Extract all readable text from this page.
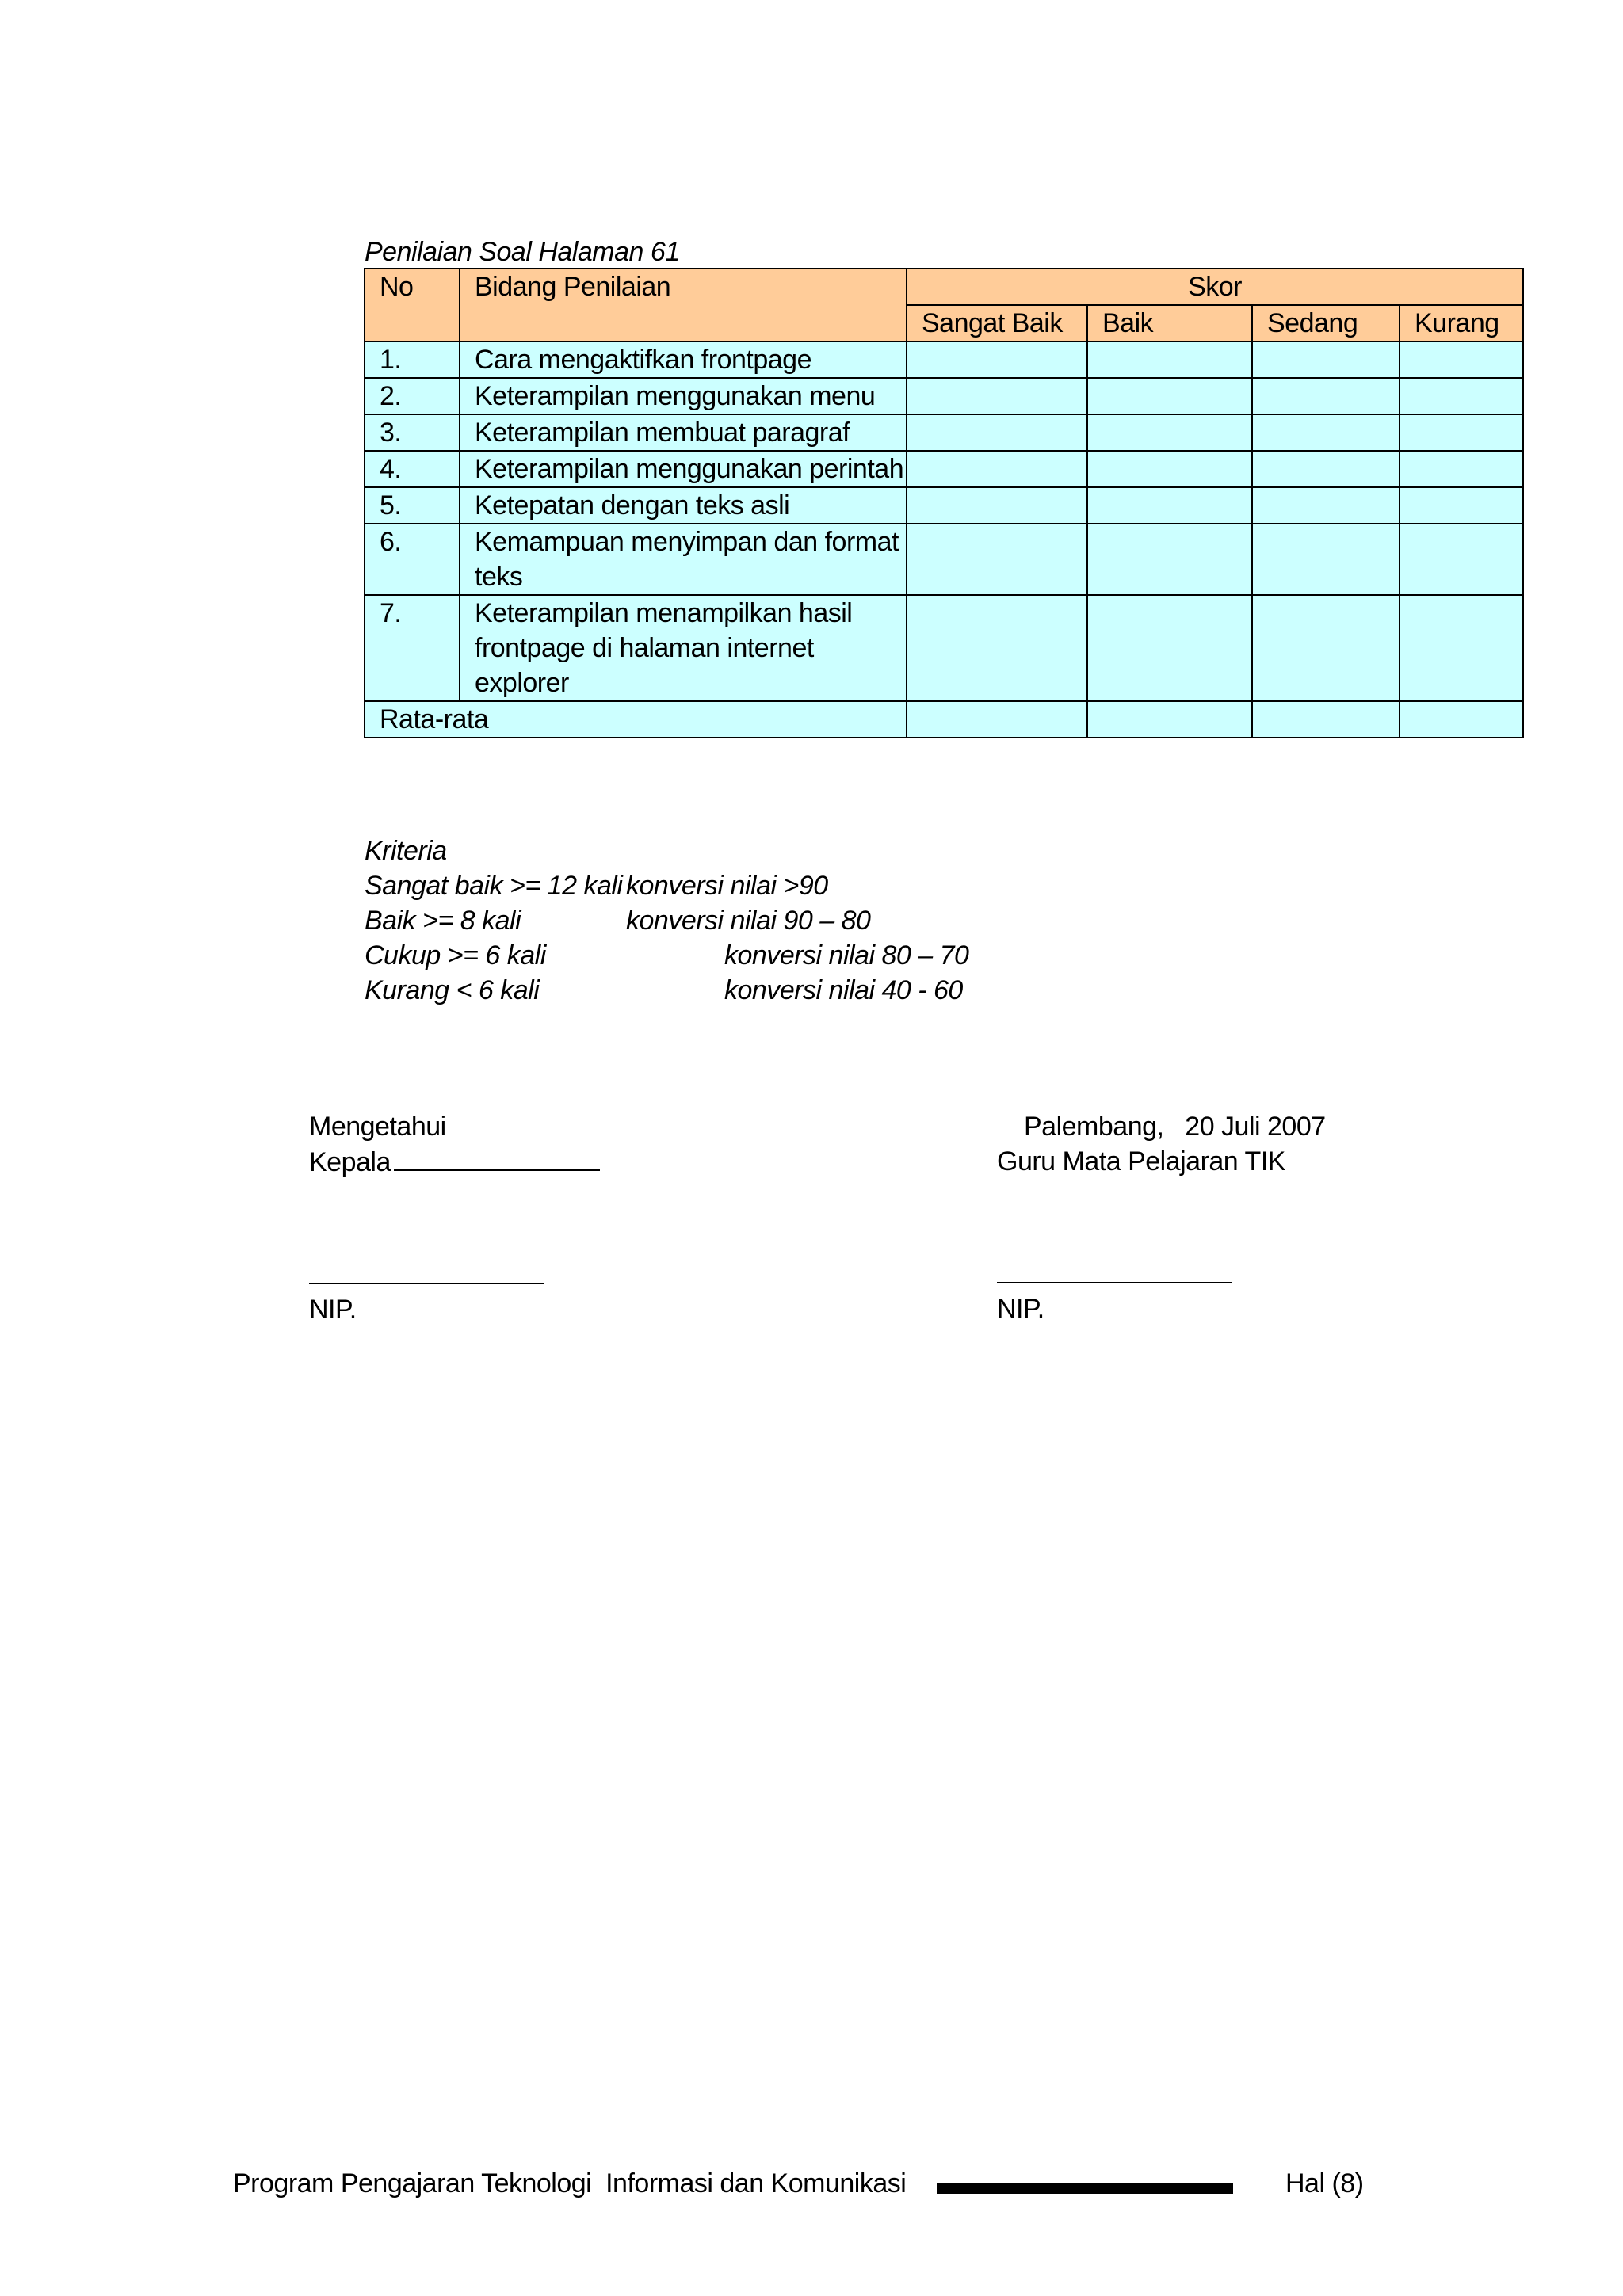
Penilaian Soal Halaman 61
No	Bidang Penilaian	Skor			
		Sangat Baik	Baik	Sedang	Kurang
1.	Cara mengaktifkan frontpage				
2.	Keterampilan menggunakan menu				
3.	Keterampilan membuat paragraf				
4.	Keterampilan menggunakan perintah				
5.	Ketepatan dengan teks asli				
6.	Kemampuan menyimpan dan format teks				
7.	Keterampilan menampilkan hasil frontpage di halaman internet explorer				
Rata-rata					
Kriteria
Sangat baik >= 12 kali konversi nilai >90
Baik >= 8 kali	konversi nilai 90 – 80
Cukup >= 6 kali	konversi nilai 80 – 70
Kurang < 6 kali	konversi nilai 40 - 60
Mengetahui
Kepala
NIP.
Palembang,   20 Juli 2007
Guru Mata Pelajaran TIK
NIP.
Program Pengajaran Teknologi  Informasi dan Komunikasi	Hal (8)
